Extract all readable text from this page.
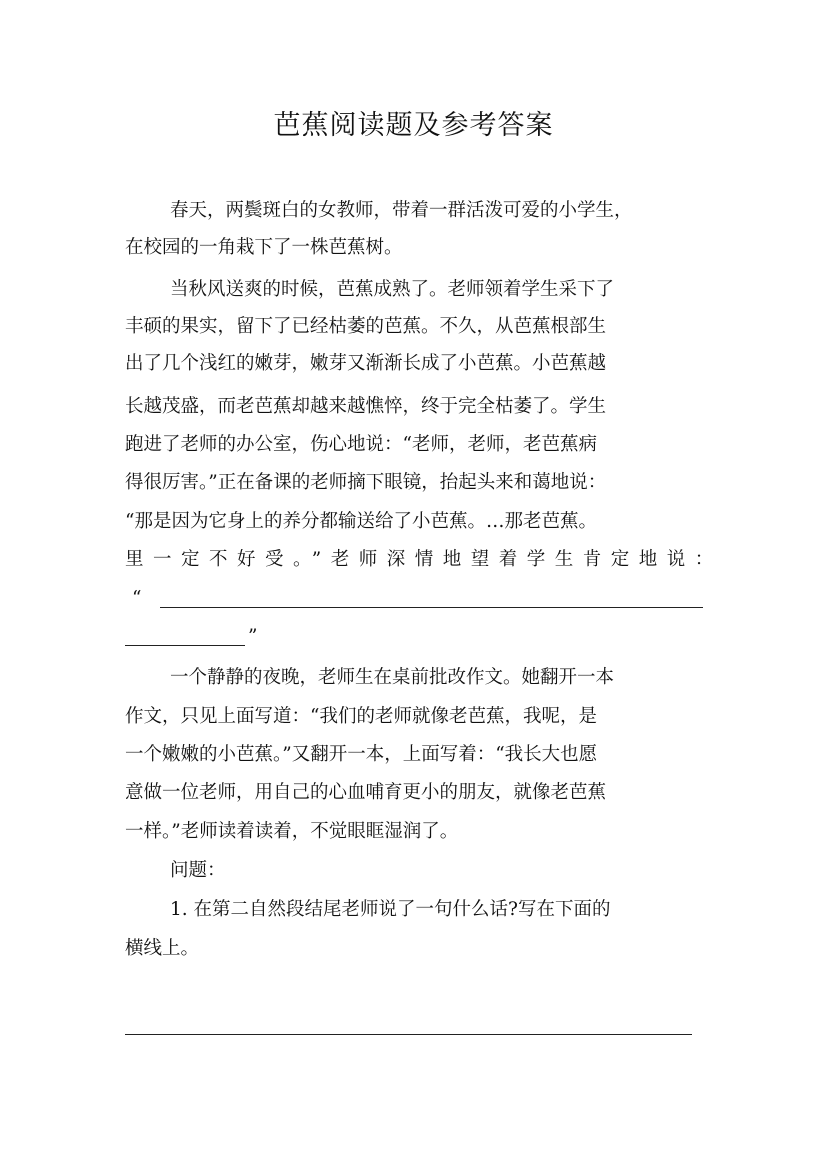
芭蕉阅读题及参考答案
春天，两鬓斑白的女教师，带着一群活泼可爱的小学生，
在校园的一角栽下了一株芭蕉树。
当秋风送爽的时候，芭蕉成熟了。老师领着学生采下了
丰硕的果实，留下了已经枯萎的芭蕉。不久，从芭蕉根部生
出了几个浅红的嫩芽，嫩芽又渐渐长成了小芭蕉。小芭蕉越
长越茂盛，而老芭蕉却越来越憔悴，终于完全枯萎了。学生
跑进了老师的办公室，伤心地说：“老师，老师，老芭蕉病
得很厉害。”正在备课的老师摘下眼镜，抬起头来和蔼地说：
“那是因为它身上的养分都输送给了小芭蕉。…那老芭蕉。
里一定不好受。”老师深情地望着学生肯定地说：
“
”
一个静静的夜晚，老师生在桌前批改作文。她翻开一本
作文，只见上面写道：“我们的老师就像老芭蕉，我呢，是
一个嫩嫩的小芭蕉。”又翻开一本，上面写着：“我长大也愿
意做一位老师，用自己的心血哺育更小的朋友，就像老芭蕉
一样。”老师读着读着，不觉眼眶湿润了。
问题：
1. 在第二自然段结尾老师说了一句什么话?写在下面的
横线上。
